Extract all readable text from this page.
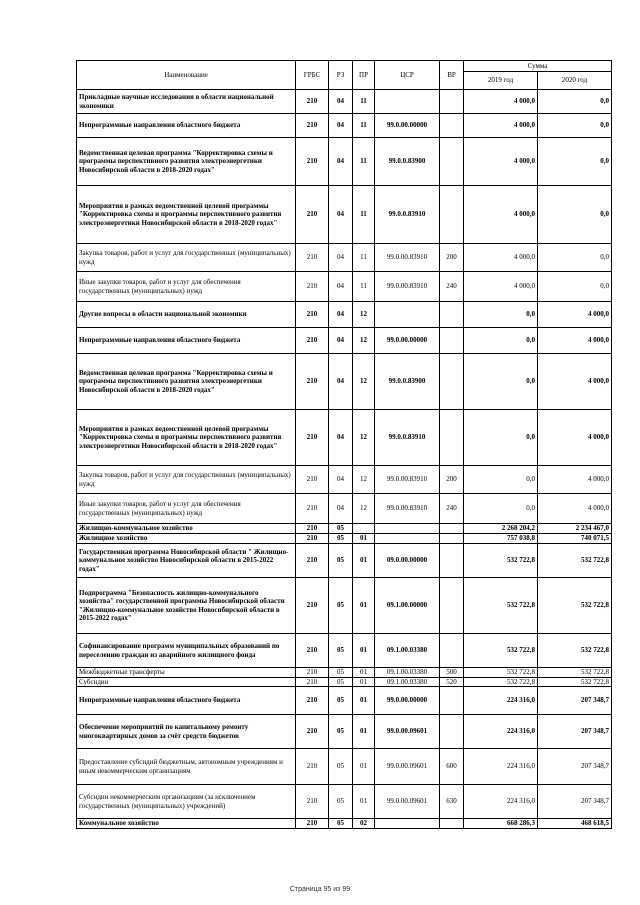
Наименование	ГРБС	РЗ	ПР	ЦСР	ВР	Сумма	
						2019 год	2020 год
Прикладные научные исследования в области национальной экономики	210	04	11			4 000,0	0,0
Непрограммные направления областного бюджета	210	04	11	99.0.00.00000		4 000,0	0,0
Ведомственная целевая программа "Корректировка схемы и программы перспективного развития электроэнергетики Новосибирской области в 2018-2020 годах"	210	04	11	99.0.0.83900		4 000,0	0,0
Мероприятия в рамках ведомственной целевой программы "Корректировка схемы и программы перспективного развития электроэнергетики Новосибирской области в 2018-2020 годах"	210	04	11	99.0.0.83910		4 000,0	0,0
Закупка товаров, работ и услуг для государственных (муниципальных) нужд	210	04	11	99.0.00.83910	200	4 000,0	0,0
Иные закупки товаров, работ и услуг для обеспечения государственных (муниципальных) нужд	210	04	11	99.0.00.83910	240	4 000,0	0,0
Другие вопросы в области национальной экономики	210	04	12			0,0	4 000,0
Непрограммные направления областного бюджета	210	04	12	99.0.00.00000		0,0	4 000,0
Ведомственная целевая программа "Корректировка схемы и программы перспективного развития электроэнергетики Новосибирской области в 2018-2020 годах"	210	04	12	99.0.0.83900		0,0	4 000,0
Мероприятия в рамках ведомственной целевой программы "Корректировка схемы и программы перспективного развития электроэнергетики Новосибирской области в 2018-2020 годах"	210	04	12	99.0.0.83910		0,0	4 000,0
Закупка товаров, работ и услуг для государственных (муниципальных) нужд	210	04	12	99.0.00.83910	200	0,0	4 000,0
Иные закупки товаров, работ и услуг для обеспечения государственных (муниципальных) нужд	210	04	12	99.0.00.83910	240	0,0	4 000,0
Жилищно-коммунальное хозяйство	210	05				2 268 204,2	2 234 467,0
Жилищное хозяйство	210	05	01			757 038,8	740 071,5
Государственная программа Новосибирской области " Жилищно-коммунальное хозяйство Новосибирской области в 2015-2022 годах"	210	05	01	09.0.00.00000		532 722,8	532 722,8
Подпрограмма "Безопасность жилищно-коммунального хозяйства" государственной программы Новосибирской области "Жилищно-коммунальное хозяйство Новосибирской области в 2015-2022 годах"	210	05	01	09.1.00.00000		532 722,8	532 722,8
Софинансирование программ муниципальных образований по переселению граждан из аварийного жилищного фонда	210	05	01	09.1.00.03380		532 722,8	532 722,8
Межбюджетные трансферты	210	05	01	09.1.00.03380	500	532 722,8	532 722,8
Субсидии	210	05	01	09.1.00.03380	520	532 722,8	532 722,8
Непрограммные направления областного бюджета	210	05	01	99.0.00.00000		224 316,0	207 348,7
Обеспечение мероприятий по капитальному ремонту многоквартирных домов за счёт средств бюджетов	210	05	01	99.0.00.09601		224 316,0	207 348,7
Предоставление субсидий бюджетным, автономным учреждениям и иным некоммерческим организациям	210	05	01	99.0.00.09601	600	224 316,0	207 348,7
Субсидии некоммерческим организациям (за исключением государственных (муниципальных) учреждений)	210	05	01	99.0.00.09601	630	224 316,0	207 348,7
Коммунальное хозяйство	210	05	02			668 286,3	468 618,5
Страница 95 из 99
